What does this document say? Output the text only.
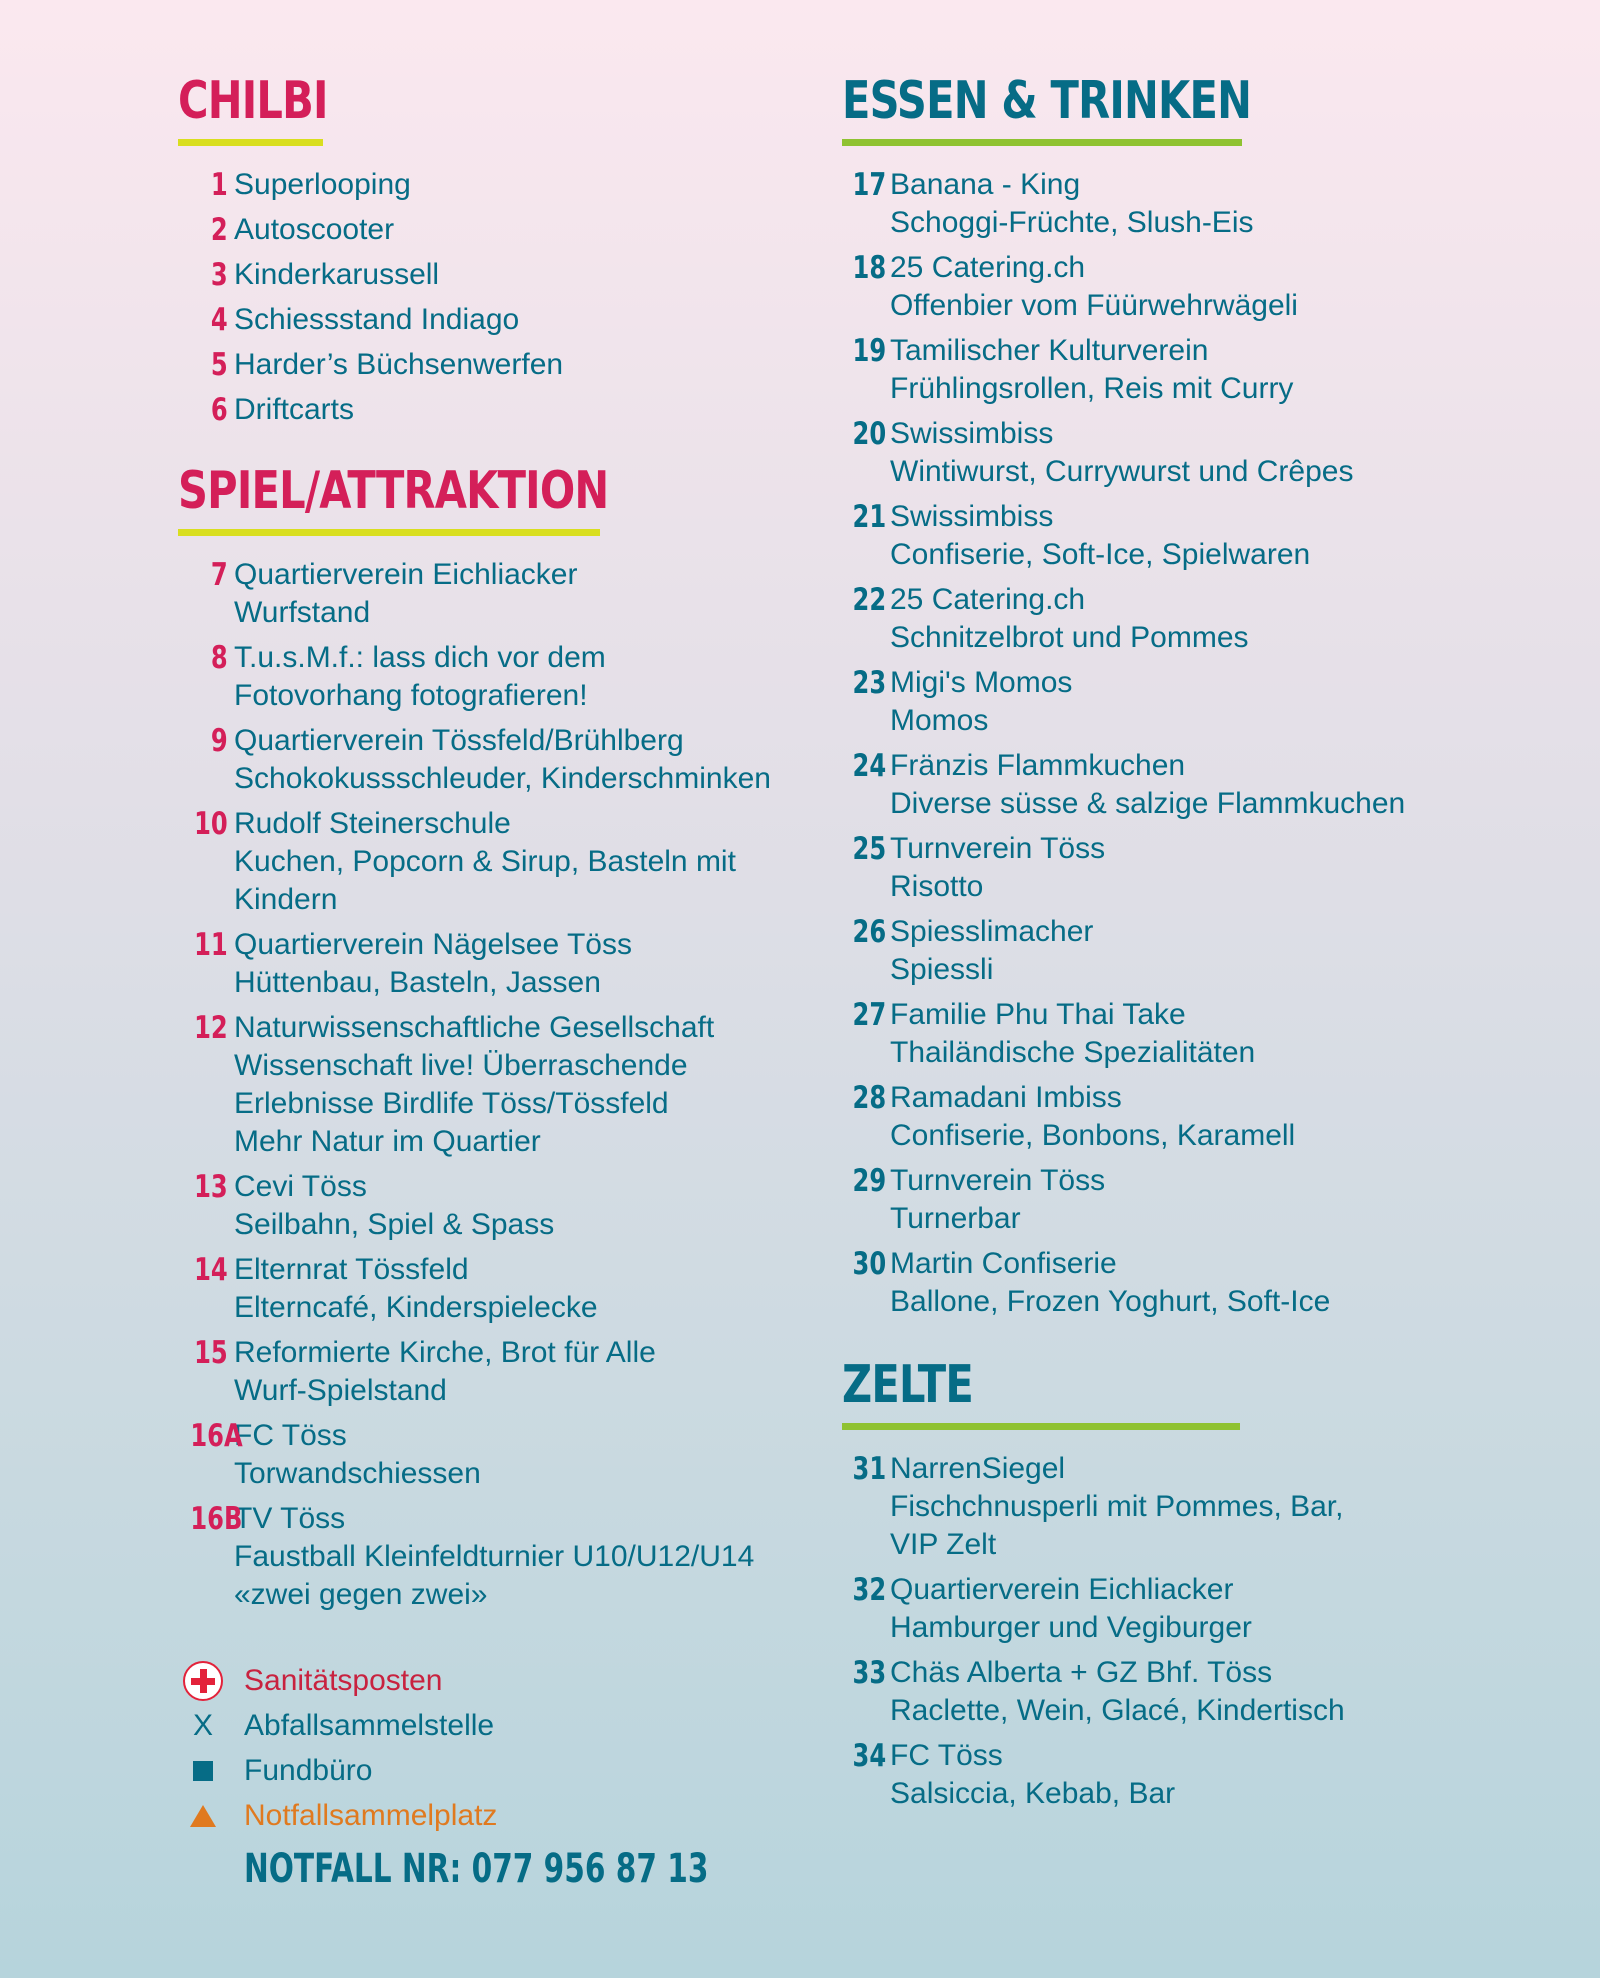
CHILBI
1 Superlooping
2 Autoscooter
3 Kinderkarussell
4 Schiessstand Indiago
5 Harder’s Büchsenwerfen
6 Driftcarts
SPIEL/ATTRAKTION
7 Quartierverein Eichliacker
Wurfstand
8 T.u.s.M.f.: lass dich vor dem
Fotovorhang fotografieren!
9 Quartierverein Tössfeld/Brühlberg
Schokokussschleuder, Kinderschminken
10 Rudolf Steinerschule
Kuchen, Popcorn & Sirup, Basteln mit
Kindern
11 Quartierverein Nägelsee Töss
Hüttenbau, Basteln, Jassen
12 Naturwissenschaftliche Gesellschaft
Wissenschaft live! Überraschende
Erlebnisse Birdlife Töss/Tössfeld
Mehr Natur im Quartier
13 Cevi Töss
Seilbahn, Spiel & Spass
14 Elternrat Tössfeld
Elterncafé, Kinderspielecke
15 Reformierte Kirche, Brot für Alle
Wurf-Spielstand
16A
FC Töss
Torwandschiessen
16B
TV Töss
Faustball Kleinfeldturnier U10/U12/U14
«zwei gegen zwei»
Sanitätsposten
X Abfallsammelstelle
Fundbüro
Notfallsammelplatz
NOTFALL NR: 077 956 87 13
ESSEN & TRINKEN
17 Banana - King
Schoggi-Früchte, Slush-Eis
18 25 Catering.ch
Offenbier vom Füürwehrwägeli
19 Tamilischer Kulturverein
Frühlingsrollen, Reis mit Curry
20 Swissimbiss
Wintiwurst, Currywurst und Crêpes
21 Swissimbiss
Confiserie, Soft-Ice, Spielwaren
22 25 Catering.ch
Schnitzelbrot und Pommes
23 Migi's Momos
Momos
24 Fränzis Flammkuchen
Diverse süsse & salzige Flammkuchen
25 Turnverein Töss
Risotto
26 Spiesslimacher
Spiessli
27 Familie Phu Thai Take
Thailändische Spezialitäten
28 Ramadani Imbiss
Confiserie, Bonbons, Karamell
29 Turnverein Töss
Turnerbar
30 Martin Confiserie
Ballone, Frozen Yoghurt, Soft-Ice
ZELTE
31 NarrenSiegel
Fischchnusperli mit Pommes, Bar,
VIP Zelt
32 Quartierverein Eichliacker
Hamburger und Vegiburger
33 Chäs Alberta + GZ Bhf. Töss
Raclette, Wein, Glacé, Kindertisch
34 FC Töss
Salsiccia, Kebab, Bar
